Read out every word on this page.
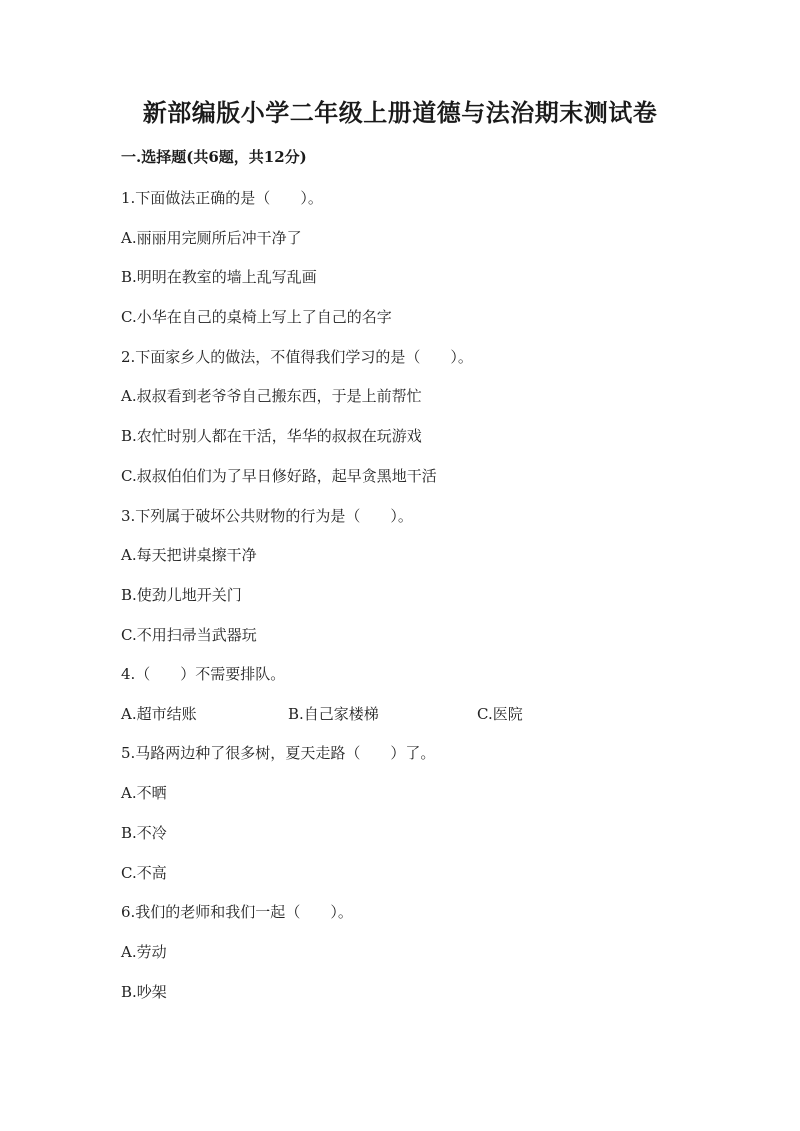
新部编版小学二年级上册道德与法治期末测试卷
一.选择题(共6题，共12分)
1.下面做法正确的是（　　）。
A.丽丽用完厕所后冲干净了
B.明明在教室的墙上乱写乱画
C.小华在自己的桌椅上写上了自己的名字
2.下面家乡人的做法，不值得我们学习的是（　　）。
A.叔叔看到老爷爷自己搬东西，于是上前帮忙
B.农忙时别人都在干活，华华的叔叔在玩游戏
C.叔叔伯伯们为了早日修好路，起早贪黑地干活
3.下列属于破坏公共财物的行为是（　　）。
A.每天把讲桌擦干净
B.使劲儿地开关门
C.不用扫帚当武器玩
4.（　　）不需要排队。
A.超市结账	B.自己家楼梯	C.医院
5.马路两边种了很多树，夏天走路（　　）了。
A.不晒
B.不冷
C.不高
6.我们的老师和我们一起（　　）。
A.劳动
B.吵架
